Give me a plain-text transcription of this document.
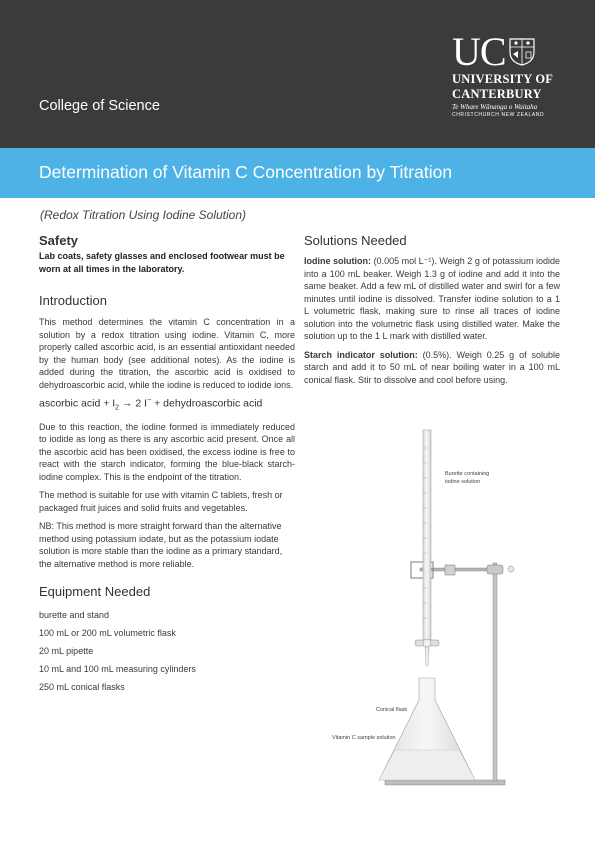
College of Science
UC
UNIVERSITY OF
CANTERBURY
Te Whare Wānanga o Waitaha
CHRISTCHURCH NEW ZEALAND
Determination of Vitamin C Concentration by Titration
(Redox Titration Using Iodine Solution)
Safety
Lab coats, safety glasses and enclosed footwear must be worn at all times in the laboratory.
Introduction

This method determines the vitamin C concentration in a solution by a redox titration using iodine. Vitamin C, more properly called ascorbic acid, is an essential antioxidant needed by the human body (see additional notes). As the iodine is added during the titration, the ascorbic acid is oxidised to dehydroascorbic acid, while the iodine is reduced to iodide ions.

ascorbic acid + $I_2 \to 2$ I− + dehydroascorbic acid

Due to this reaction, the iodine formed is immediately reduced to iodide as long as there is any ascorbic acid present. Once all the ascorbic acid has been oxidised, the excess iodine is free to react with the starch indicator, forming the blue-black starch-iodine complex. This is the endpoint of the titration.

The method is suitable for use with vitamin C tablets, fresh or packaged fruit juices and solid fruits and vegetables.

NB: This method is more straight forward than the alternative method using potassium iodate, but as the potassium iodate solution is more stable than the iodine as a primary standard, the alternative method is more reliable.

Equipment Needed
burette and stand
100 mL or 200 mL volumetric flask
20 mL pipette
10 mL and 100 mL measuring cylinders
250 mL conical flasks
Solutions Needed

Iodine solution: (0.005 mol L⁻¹). Weigh 2 g of potassium iodide into a 100 mL beaker. Weigh 1.3 g of iodine and add it into the same beaker. Add a few mL of distilled water and swirl for a few minutes until iodine is dissolved. Transfer iodine solution to a 1 L volumetric flask, making sure to rinse all traces of iodine solution into the volumetric flask using distilled water. Make the solution up to the 1 L mark with distilled water.

Starch indicator solution: (0.5%). Weigh 0.25 g of soluble starch and add it to 50 mL of near boiling water in a 100 mL conical flask. Stir to dissolve and cool before using.

Burette containing
iodine solution
Conical flask
Vitamin C sample solution
